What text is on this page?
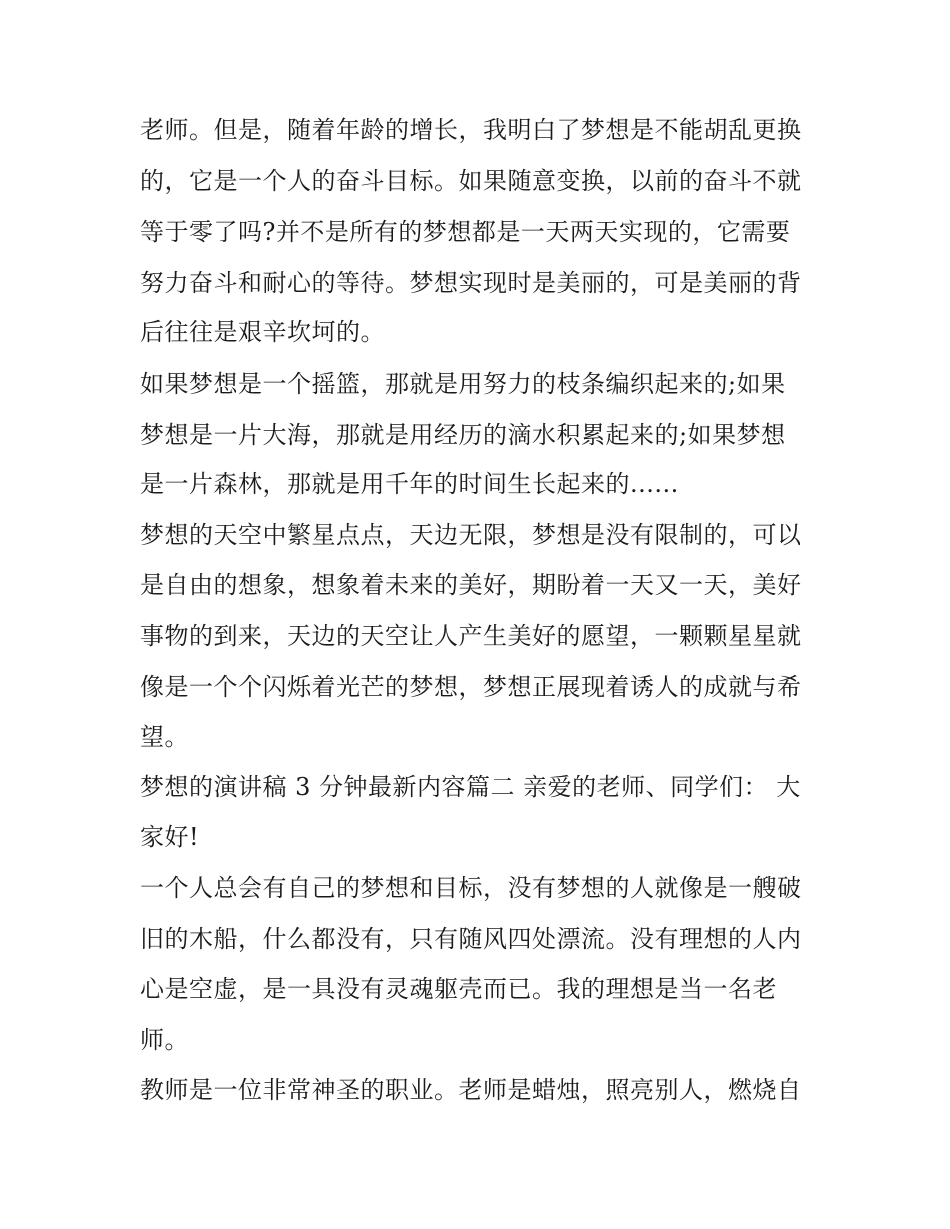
老师。但是，随着年龄的增长，我明白了梦想是不能胡乱更换
的，它是一个人的奋斗目标。如果随意变换，以前的奋斗不就
等于零了吗?并不是所有的梦想都是一天两天实现的，它需要
努力奋斗和耐心的等待。梦想实现时是美丽的，可是美丽的背
后往往是艰辛坎坷的。
如果梦想是一个摇篮，那就是用努力的枝条编织起来的;如果
梦想是一片大海，那就是用经历的滴水积累起来的;如果梦想
是一片森林，那就是用千年的时间生长起来的......
梦想的天空中繁星点点，天边无限，梦想是没有限制的，可以
是自由的想象，想象着未来的美好，期盼着一天又一天，美好
事物的到来，天边的天空让人产生美好的愿望，一颗颗星星就
像是一个个闪烁着光芒的梦想，梦想正展现着诱人的成就与希
望。
梦想的演讲稿 3 分钟最新内容篇二 亲爱的老师、同学们： 大
家好!
一个人总会有自己的梦想和目标，没有梦想的人就像是一艘破
旧的木船，什么都没有，只有随风四处漂流。没有理想的人内
心是空虚，是一具没有灵魂躯壳而已。我的理想是当一名老
师。
教师是一位非常神圣的职业。老师是蜡烛，照亮别人，燃烧自
